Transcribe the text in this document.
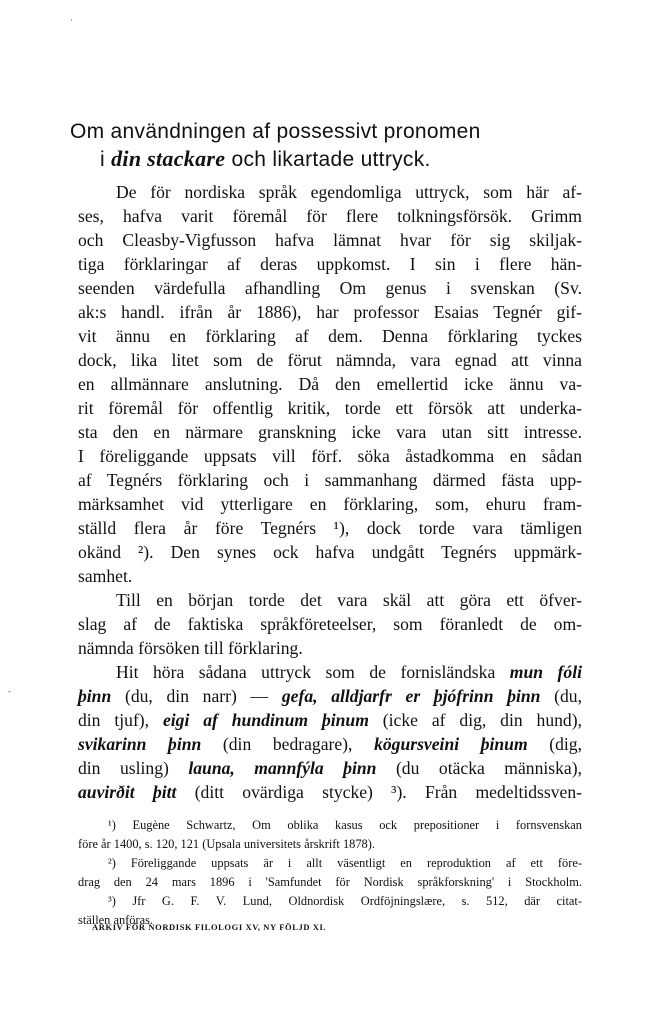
·
-
Om användningen af possessivt pronomen
i din stackare och likartade uttryck.
De för nordiska språk egendomliga uttryck, som här af-
ses, hafva varit föremål för flere tolkningsförsök. Grimm
och Cleasby-Vigfusson hafva lämnat hvar för sig skiljak-
tiga förklaringar af deras uppkomst. I sin i flere hän-
seenden värdefulla afhandling Om genus i svenskan (Sv.
ak:s handl. ifrån år 1886), har professor Esaias Tegnér gif-
vit ännu en förklaring af dem. Denna förklaring tyckes
dock, lika litet som de förut nämnda, vara egnad att vinna
en allmännare anslutning. Då den emellertid icke ännu va-
rit föremål för offentlig kritik, torde ett försök att underka-
sta den en närmare granskning icke vara utan sitt intresse.
I föreliggande uppsats vill förf. söka åstadkomma en sådan
af Tegnérs förklaring och i sammanhang därmed fästa upp-
märksamhet vid ytterligare en förklaring, som, ehuru fram-
ställd flera år före Tegnérs ¹), dock torde vara tämligen
okänd ²). Den synes ock hafva undgått Tegnérs uppmärk-
samhet.
Till en början torde det vara skäl att göra ett öfver-
slag af de faktiska språkföreteelser, som föranledt de om-
nämnda försöken till förklaring.
Hit höra sådana uttryck som de fornisländska mun fóli
þinn (du, din narr) — gefa, alldjarfr er þjófrinn þinn (du,
din tjuf), eigi af hundinum þinum (icke af dig, din hund),
svikarinn þinn (din bedragare), kögursveini þinum (dig,
din usling) launa, mannfýla þinn (du otäcka människa),
auvirðit þitt (ditt ovärdiga stycke) ³). Från medeltidssven-
¹) Eugène Schwartz, Om oblika kasus ock prepositioner i fornsvenskan
före år 1400, s. 120, 121 (Upsala universitets årskrift 1878).
²) Föreliggande uppsats är i allt väsentligt en reproduktion af ett före-
drag den 24 mars 1896 i 'Samfundet för Nordisk språkforskning' i Stockholm.
³) Jfr G. F. V. Lund, Oldnordisk Ordföjningslære, s. 512, där citat-
ställen anföras.
ARKIV FÖR NORDISK FILOLOGI XV, NY FÖLJD XI.
